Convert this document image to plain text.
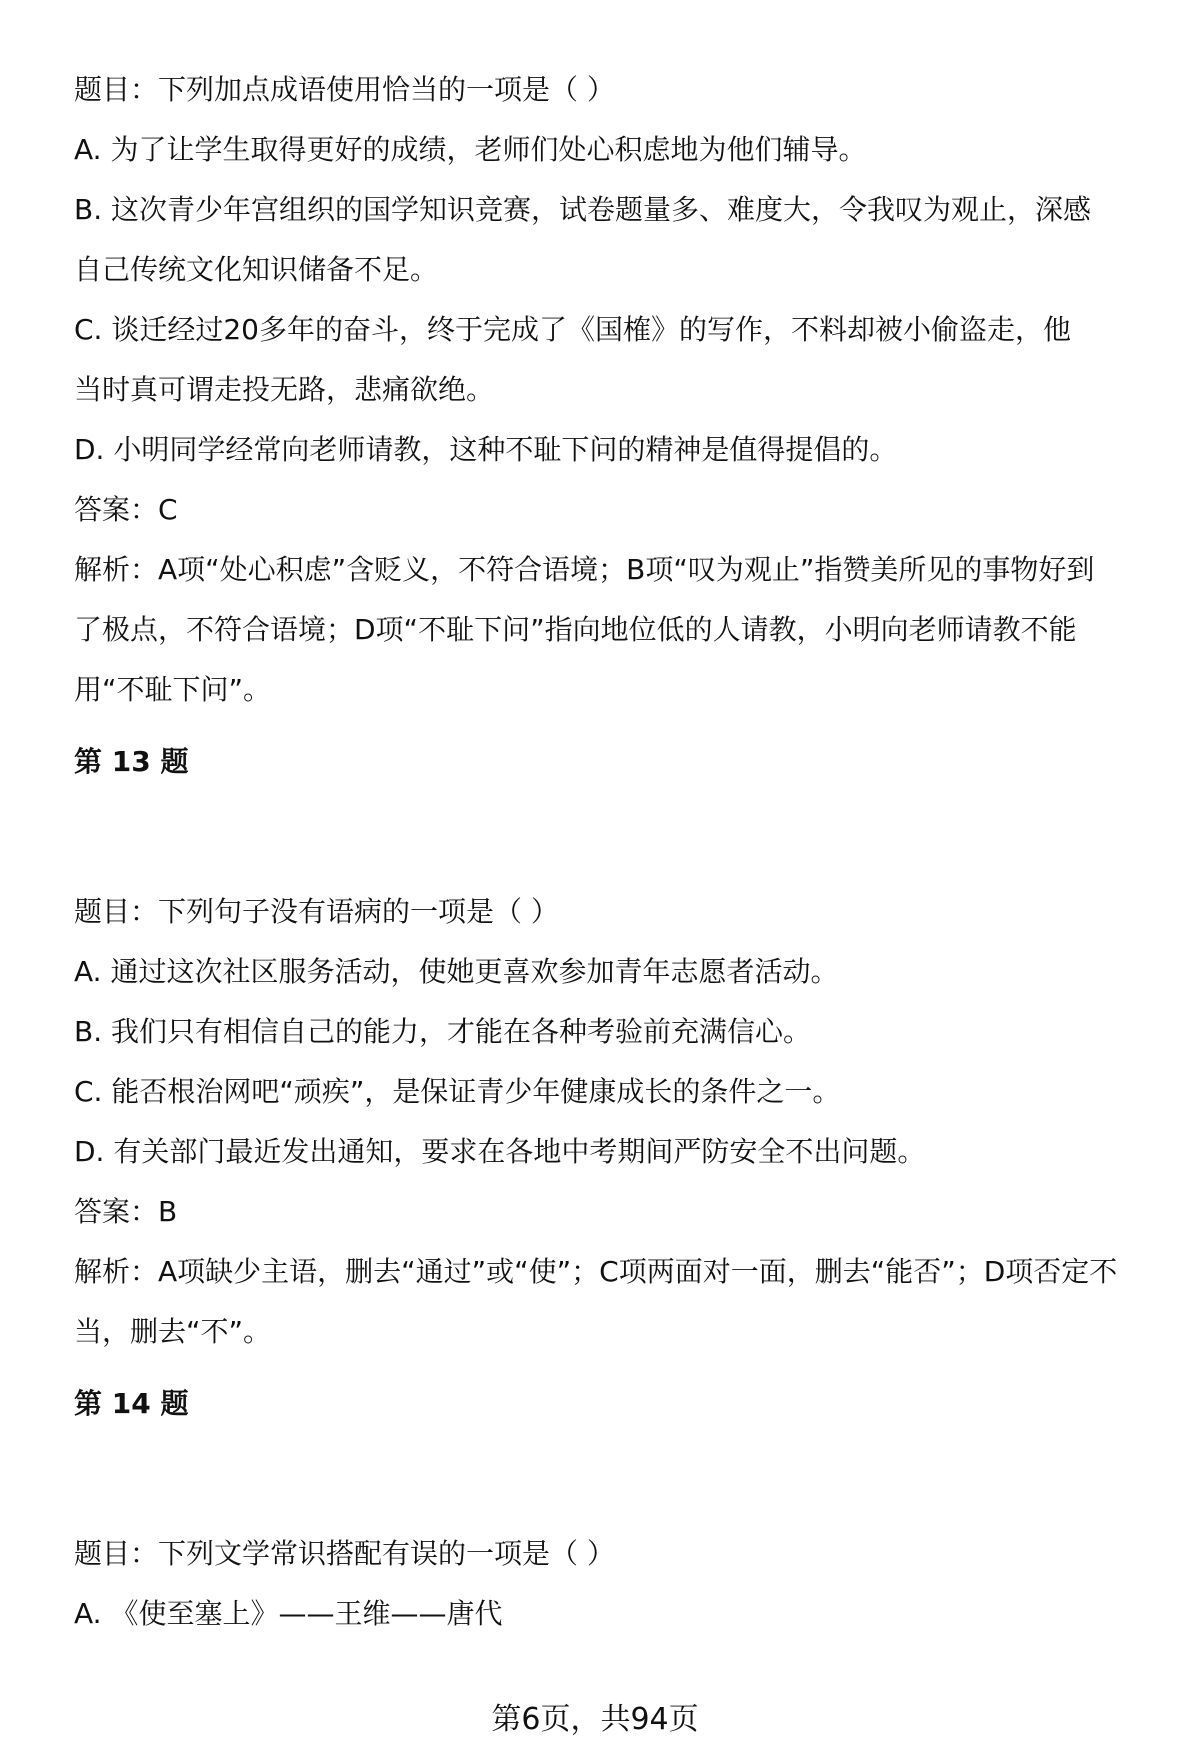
题目：下列加点成语使用恰当的一项是（ ）

A. 为了让学生取得更好的成绩，老师们处心积虑地为他们辅导。

B. 这次青少年宫组织的国学知识竞赛，试卷题量多、难度大，令我叹为观止，深感

自己传统文化知识储备不足。

C. 谈迁经过20多年的奋斗，终于完成了《国榷》的写作，不料却被小偷盗走，他

当时真可谓走投无路，悲痛欲绝。

D. 小明同学经常向老师请教，这种不耻下问的精神是值得提倡的。

答案：C

解析：A项“处心积虑”含贬义，不符合语境；B项“叹为观止”指赞美所见的事物好到

了极点，不符合语境；D项“不耻下问”指向地位低的人请教，小明向老师请教不能

用“不耻下问”。

第 13 题

题目：下列句子没有语病的一项是（ ）

A. 通过这次社区服务活动，使她更喜欢参加青年志愿者活动。

B. 我们只有相信自己的能力，才能在各种考验前充满信心。

C. 能否根治网吧“顽疾”，是保证青少年健康成长的条件之一。

D. 有关部门最近发出通知，要求在各地中考期间严防安全不出问题。

答案：B

解析：A项缺少主语，删去“通过”或“使”；C项两面对一面，删去“能否”；D项否定不

当，删去“不”。

第 14 题

题目：下列文学常识搭配有误的一项是（ ）

A. 《使至塞上》——王维——唐代

第6页，共94页
